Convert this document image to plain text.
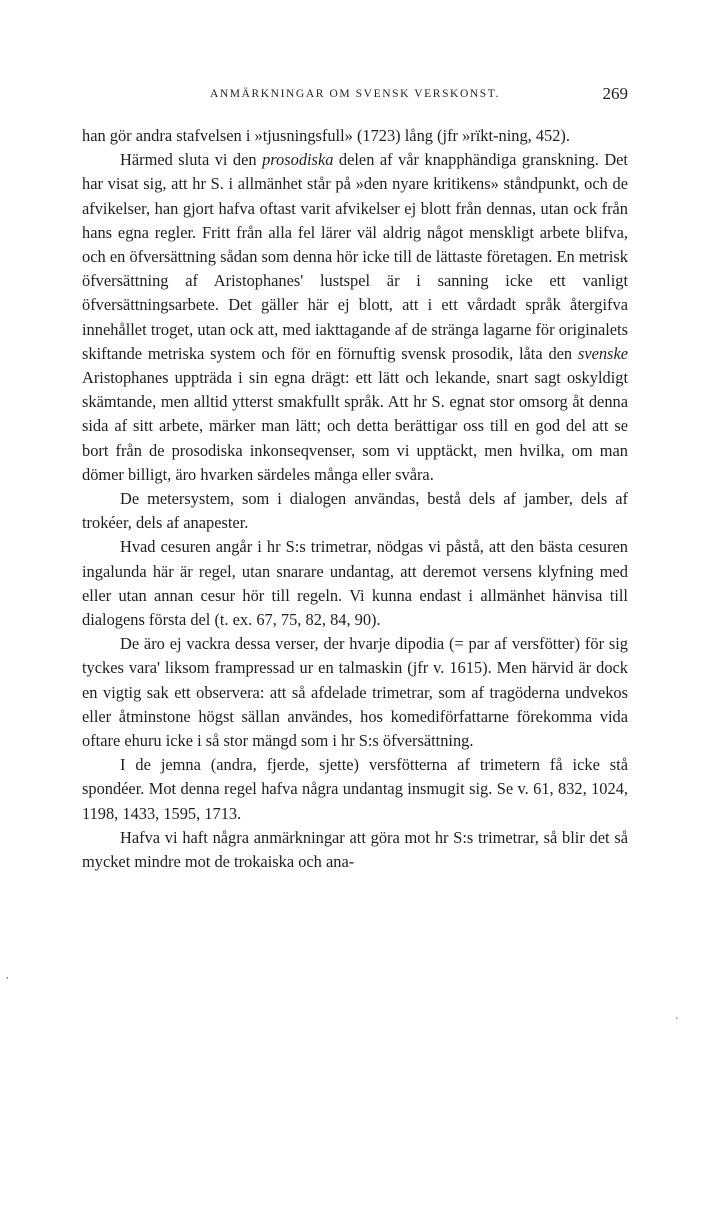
ANMÄRKNINGAR OM SVENSK VERSKONST.	269

han gör andra stafvelsen i »tjusningsfull» (1723) lång (jfr »rïkt-ning, 452).

Härmed sluta vi den prosodiska delen af vår knapphändiga granskning. Det har visat sig, att hr S. i allmänhet står på »den nyare kritikens» ståndpunkt, och de afvikelser, han gjort hafva oftast varit afvikelser ej blott från dennas, utan ock från hans egna regler. Fritt från alla fel lärer väl aldrig något menskligt arbete blifva, och en öfversättning sådan som denna hör icke till de lättaste företagen. En metrisk öfversättning af Aristophanes' lustspel är i sanning icke ett vanligt öfversättningsarbete. Det gäller här ej blott, att i ett vårdadt språk återgifva innehållet troget, utan ock att, med iakttagande af de stränga lagarne för originalets skiftande metriska system och för en förnuftig svensk prosodik, låta den svenske Aristophanes uppträda i sin egna drägt: ett lätt och lekande, snart sagt oskyldigt skämtande, men alltid ytterst smakfullt språk. Att hr S. egnat stor omsorg åt denna sida af sitt arbete, märker man lätt; och detta berättigar oss till en god del att se bort från de prosodiska inkonseqvenser, som vi upptäckt, men hvilka, om man dömer billigt, äro hvarken särdeles många eller svåra.

De metersystem, som i dialogen användas, bestå dels af jamber, dels af trokéer, dels af anapester.

Hvad cesuren angår i hr S:s trimetrar, nödgas vi påstå, att den bästa cesuren ingalunda här är regel, utan snarare undantag, att deremot versens klyfning med eller utan annan cesur hör till regeln. Vi kunna endast i allmänhet hänvisa till dialogens första del (t. ex. 67, 75, 82, 84, 90).

De äro ej vackra dessa verser, der hvarje dipodia (= par af versfötter) för sig tyckes vara' liksom frampressad ur en talmaskin (jfr v. 1615). Men härvid är dock en vigtig sak ett observera: att så afdelade trimetrar, som af tragöderna undvekos eller åtminstone högst sällan användes, hos komediförfattarne förekomma vida oftare ehuru icke i så stor mängd som i hr S:s öfversättning.

I de jemna (andra, fjerde, sjette) versfötterna af trimetern få icke stå spondéer. Mot denna regel hafva några undantag insmugit sig. Se v. 61, 832, 1024, 1198, 1433, 1595, 1713.

Hafva vi haft några anmärkningar att göra mot hr S:s trimetrar, så blir det så mycket mindre mot de trokaiska och ana-

,
'
